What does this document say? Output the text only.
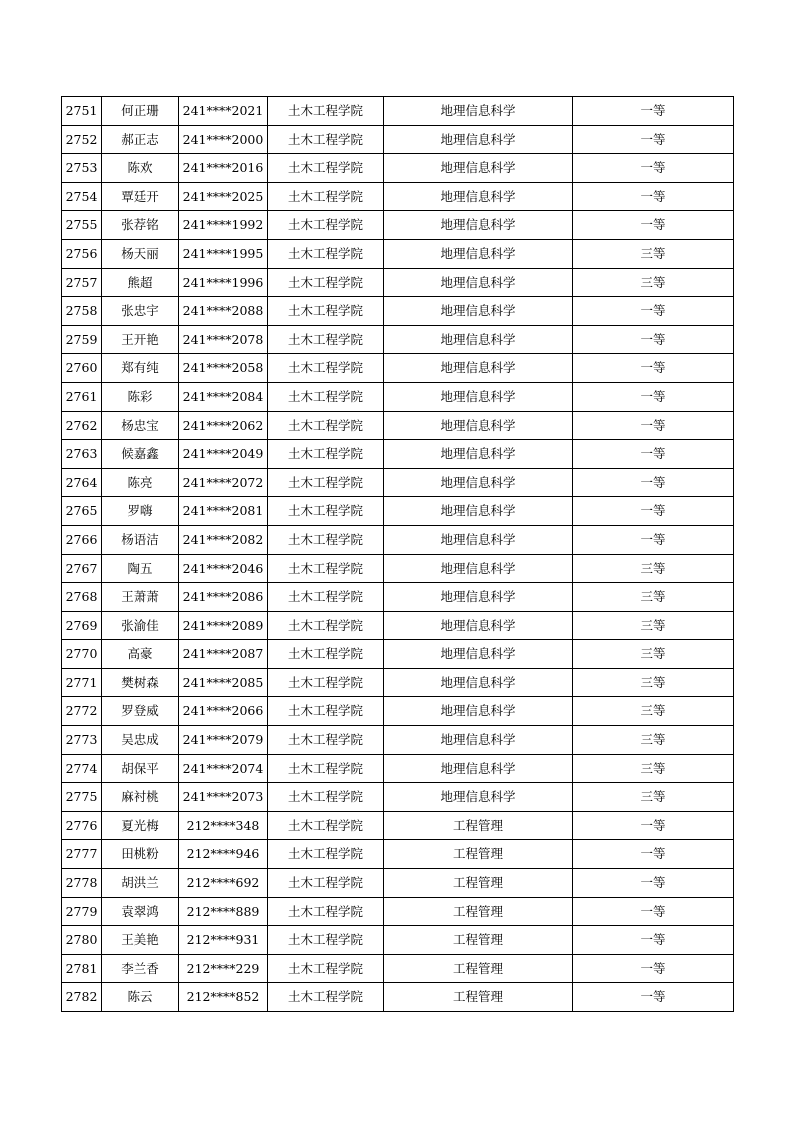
2751	何正珊	241****2021	土木工程学院	地理信息科学	一等
2752	郝正志	241****2000	土木工程学院	地理信息科学	一等
2753	陈欢	241****2016	土木工程学院	地理信息科学	一等
2754	覃廷开	241****2025	土木工程学院	地理信息科学	一等
2755	张荐铭	241****1992	土木工程学院	地理信息科学	一等
2756	杨天丽	241****1995	土木工程学院	地理信息科学	三等
2757	熊超	241****1996	土木工程学院	地理信息科学	三等
2758	张忠宇	241****2088	土木工程学院	地理信息科学	一等
2759	王开艳	241****2078	土木工程学院	地理信息科学	一等
2760	郑有纯	241****2058	土木工程学院	地理信息科学	一等
2761	陈彩	241****2084	土木工程学院	地理信息科学	一等
2762	杨忠宝	241****2062	土木工程学院	地理信息科学	一等
2763	候嘉鑫	241****2049	土木工程学院	地理信息科学	一等
2764	陈亮	241****2072	土木工程学院	地理信息科学	一等
2765	罗嗨	241****2081	土木工程学院	地理信息科学	一等
2766	杨语洁	241****2082	土木工程学院	地理信息科学	一等
2767	陶五	241****2046	土木工程学院	地理信息科学	三等
2768	王萧萧	241****2086	土木工程学院	地理信息科学	三等
2769	张渝佳	241****2089	土木工程学院	地理信息科学	三等
2770	高豪	241****2087	土木工程学院	地理信息科学	三等
2771	樊树森	241****2085	土木工程学院	地理信息科学	三等
2772	罗登威	241****2066	土木工程学院	地理信息科学	三等
2773	吴忠成	241****2079	土木工程学院	地理信息科学	三等
2774	胡保平	241****2074	土木工程学院	地理信息科学	三等
2775	麻衬桃	241****2073	土木工程学院	地理信息科学	三等
2776	夏光梅	212****348	土木工程学院	工程管理	一等
2777	田桃粉	212****946	土木工程学院	工程管理	一等
2778	胡洪兰	212****692	土木工程学院	工程管理	一等
2779	袁翠鸿	212****889	土木工程学院	工程管理	一等
2780	王美艳	212****931	土木工程学院	工程管理	一等
2781	李兰香	212****229	土木工程学院	工程管理	一等
2782	陈云	212****852	土木工程学院	工程管理	一等
